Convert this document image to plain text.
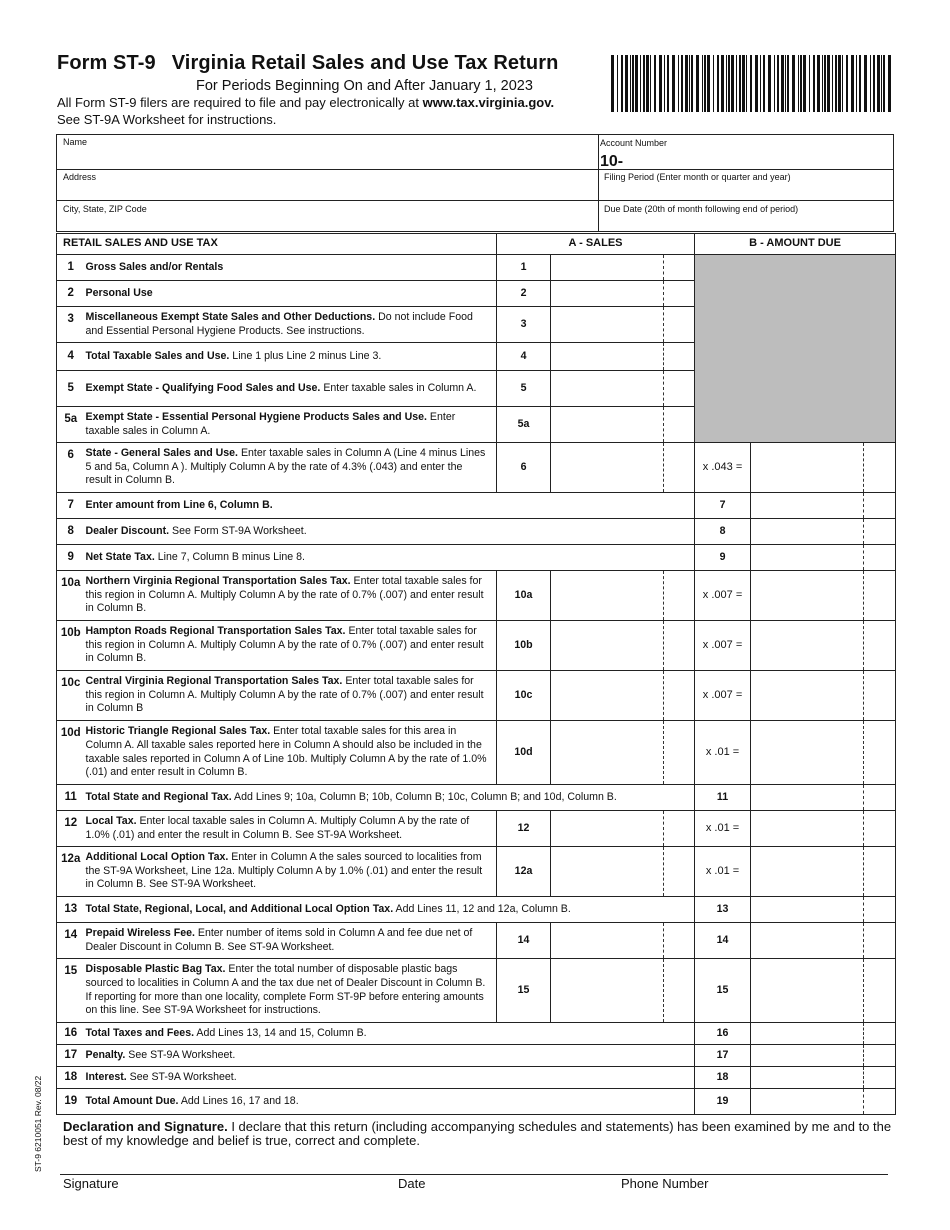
Form ST-9 Virginia Retail Sales and Use Tax Return
For Periods Beginning On and After January 1, 2023
All Form ST-9 filers are required to file and pay electronically at www.tax.virginia.gov.
See ST-9A Worksheet for instructions.
Name	Account Number
10-
Address	Filing Period (Enter month or quarter and year)
City, State, ZIP Code	Due Date (20th of month following end of period)
RETAIL SALES AND USE TAX		A - SALES			B - AMOUNT DUE		
1	Gross Sales and/or Rentals	1					
2	Personal Use	2					
3	Miscellaneous Exempt State Sales and Other Deductions. Do not include Food and Essential Personal Hygiene Products. See instructions.	3					
4	Total Taxable Sales and Use. Line 1 plus Line 2 minus Line 3.	4					
5	Exempt State - Qualifying Food Sales and Use. Enter taxable sales in Column A.	5					
5a	Exempt State - Essential Personal Hygiene Products Sales and Use. Enter taxable sales in Column A.	5a					
6	State - General Sales and Use. Enter taxable sales in Column A (Line 4 minus Lines 5 and 5a, Column A ). Multiply Column A by the rate of 4.3% (.043) and enter the result in Column B.	6			x .043 =		
7	Enter amount from Line 6, Column B.				7		
8	Dealer Discount. See Form ST-9A Worksheet.				8		
9	Net State Tax. Line 7, Column B minus Line 8.				9		
10a	Northern Virginia Regional Transportation Sales Tax. Enter total taxable sales for this region in Column A. Multiply Column A by the rate of 0.7% (.007) and enter result in Column B.	10a			x .007 =		
10b	Hampton Roads Regional Transportation Sales Tax. Enter total taxable sales for this region in Column A. Multiply Column A by the rate of 0.7% (.007) and enter result in Column B.	10b			x .007 =		
10c	Central Virginia Regional Transportation Sales Tax. Enter total taxable sales for this region in Column A. Multiply Column A by the rate of 0.7% (.007) and enter result in Column B	10c			x .007 =		
10d	Historic Triangle Regional Sales Tax. Enter total taxable sales for this area in Column A. All taxable sales reported here in Column A should also be included in the taxable sales reported in Column A of Line 10b. Multiply Column A by the rate of 1.0% (.01) and enter result in Column B.	10d			x .01 =		
11	Total State and Regional Tax. Add Lines 9; 10a, Column B; 10b, Column B; 10c, Column B; and 10d, Column B.				11		
12	Local Tax. Enter local taxable sales in Column A. Multiply Column A by the rate of 1.0% (.01) and enter the result in Column B. See ST-9A Worksheet.	12			x .01 =		
12a	Additional Local Option Tax. Enter in Column A the sales sourced to localities from the ST-9A Worksheet, Line 12a. Multiply Column A by 1.0% (.01) and enter the result in Column B. See ST-9A Worksheet.	12a			x .01 =		
13	Total State, Regional, Local, and Additional Local Option Tax. Add Lines 11, 12 and 12a, Column B.				13		
14	Prepaid Wireless Fee. Enter number of items sold in Column A and fee due net of Dealer Discount in Column B. See ST-9A Worksheet.	14			14		
15	Disposable Plastic Bag Tax. Enter the total number of disposable plastic bags sourced to localities in Column A and the tax due net of Dealer Discount in Column B. If reporting for more than one locality, complete Form ST-9P before entering amounts on this line. See ST-9A Worksheet for instructions.	15			15		
16	Total Taxes and Fees. Add Lines 13, 14 and 15, Column B.				16		
17	Penalty. See ST-9A Worksheet.				17		
18	Interest. See ST-9A Worksheet.				18		
19	Total Amount Due. Add Lines 16, 17 and 18.				19		
ST-9 6210051 Rev. 08/22 Declaration and Signature. I declare that this return (including accompanying schedules and statements) has been examined by me and to the best of my knowledge and belief is true, correct and complete.
Signature	Date	Phone Number
